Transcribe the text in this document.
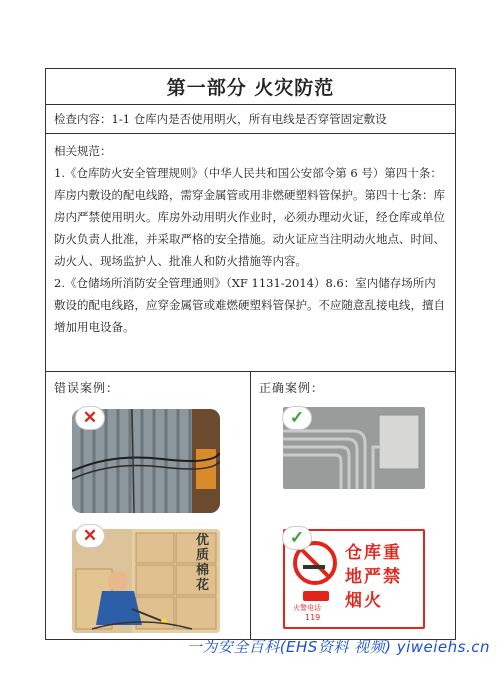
第一部分 火灾防范
检查内容：1-1 仓库内是否使用明火，所有电线是否穿管固定敷设

相关规范：

1.《仓库防火安全管理规则》（中华人民共和国公安部令第 6 号）第四十条：库房内敷设的配电线路，需穿金属管或用非燃硬塑料管保护。第四十七条：库房内严禁使用明火。库房外动用明火作业时，必须办理动火证，经仓库或单位防火负责人批准，并采取严格的安全措施。动火证应当注明动火地点、时间、动火人、现场监护人、批准人和防火措施等内容。

2.《仓储场所消防安全管理通则》（XF 1131-2014）8.6：室内储存场所内敷设的配电线路，应穿金属管或难燃硬塑料管保护。不应随意乱接电线，擅自增加用电设备。

错误案例：
✕
优质棉花
✕
正确案例：
✓
火警电话
119
仓库重地严禁烟火
✓
一为安全百科(EHS资料 视频) yiweiehs.cn
